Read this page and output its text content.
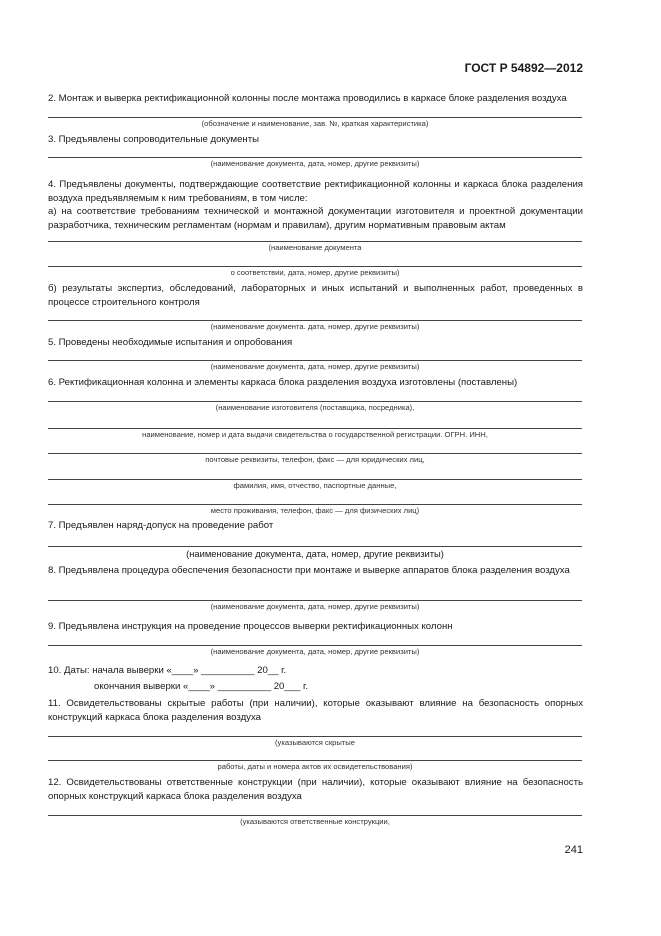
ГОСТ Р 54892—2012
2. Монтаж и выверка ректификационной колонны после монтажа проводились в каркасе блоке разделения воздуха
(обозначение и наименование, зав. №, краткая характеристика)
3. Предъявлены сопроводительные документы
(наименование документа, дата, номер, другие реквизиты)
4. Предъявлены документы, подтверждающие соответствие ректификационной колонны и каркаса блока разделения воздуха предъявляемым к ним требованиям, в том числе:
а) на соответствие требованиям технической и монтажной документации изготовителя и проектной документации разработчика, техническим регламентам (нормам и правилам), другим нормативным правовым актам
(наименование документа
о соответствии, дата, номер, другие реквизиты)
б) результаты экспертиз, обследований, лабораторных и иных испытаний и выполненных работ, проведенных в процессе строительного контроля
(наименование документа. дата, номер, другие реквизиты)
5. Проведены необходимые испытания и опробования
(наименование документа, дата, номер, другие реквизиты)
6. Ректификационная колонна и элементы каркаса блока разделения воздуха изготовлены (поставлены)
(наименование изготовителя (поставщика, посредника),
наименование, номер и дата выдачи свидетельства о государственной регистрации. ОГРН. ИНН,
почтовые реквизиты, телефон, факс — для юридических лиц,
фамилия, имя, отчество, паспортные данные,
место проживания, телефон, факс — для физических лиц)
7. Предъявлен наряд-допуск на проведение работ
(наименование документа, дата, номер, другие реквизиты)
8. Предъявлена процедура обеспечения безопасности при монтаже и выверке аппаратов блока разделения воздуха
(наименование документа, дата, номер, другие реквизиты)
9. Предъявлена инструкция на проведение процессов выверки ректификационных колонн
(наименование документа, дата, номер, другие реквизиты)
10. Даты: начала выверки «____» __________ 20__ г.
окончания выверки «____» __________ 20___ г.
11. Освидетельствованы скрытые работы (при наличии), которые оказывают влияние на безопасность опорных конструкций каркаса блока разделения воздуха
(указываются скрытые
работы, даты и номера актов их освидетельствования)
12. Освидетельствованы ответственные конструкции (при наличии), которые оказывают влияние на безопасность опорных конструкций каркаса блока разделения воздуха
(указываются ответственные конструкции,
241
